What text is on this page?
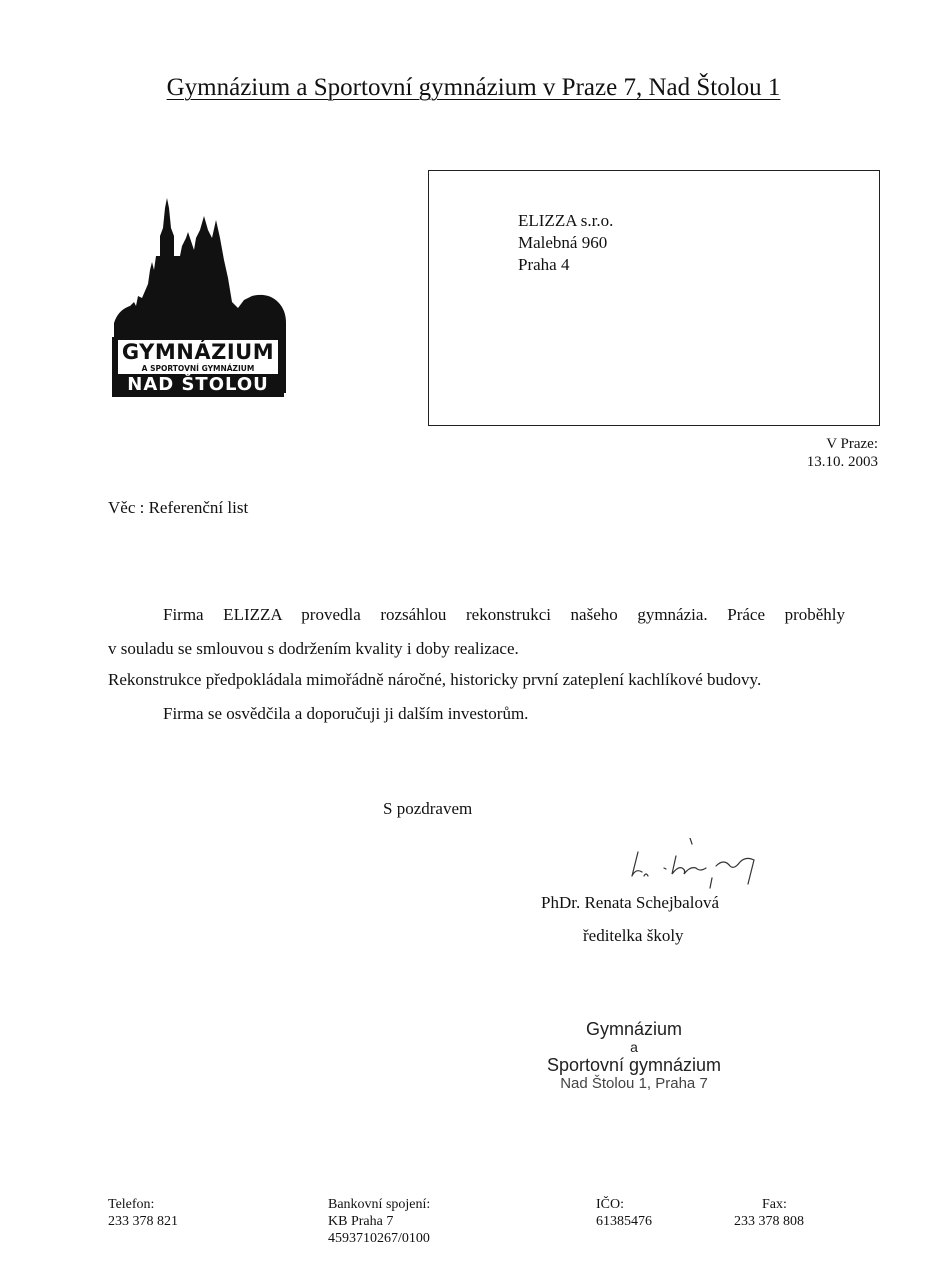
Gymnázium a Sportovní gymnázium v Praze 7, Nad Štolou 1
GYMNÁZIUM
A SPORTOVNÍ GYMNÁZIUM
NAD ŠTOLOU
ELIZZA s.r.o.
Malebná 960
Praha 4
V Praze:
13.10. 2003
Věc : Referenční list
Firma ELIZZA provedla rozsáhlou rekonstrukci našeho gymnázia. Práce proběhly
v souladu se smlouvou s dodržením kvality i doby realizace.
Rekonstrukce předpokládala mimořádně náročné, historicky první zateplení kachlíkové budovy.
Firma se osvědčila a doporučuji ji dalším investorům.
S pozdravem
PhDr. Renata Schejbalová
ředitelka školy
Gymnázium
a
Sportovní gymnázium
Nad Štolou 1, Praha 7
Telefon:
233 378 821
Bankovní spojení:
KB Praha 7
4593710267/0100
IČO:
61385476
Fax:
233 378 808
